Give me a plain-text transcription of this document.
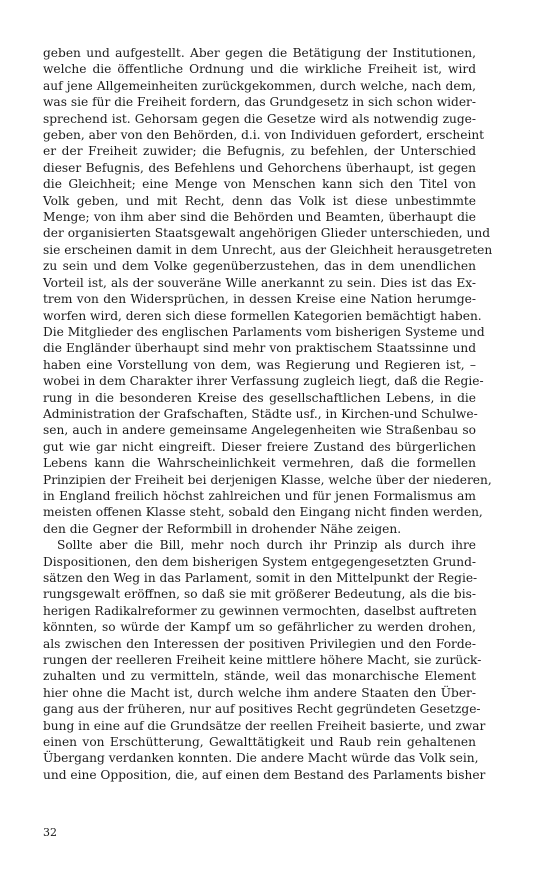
geben und aufgestellt. Aber gegen die Betätigung der Institutionen,
welche die öffentliche Ordnung und die wirkliche Freiheit ist, wird
auf jene Allgemeinheiten zurückgekommen, durch welche, nach dem,
was sie für die Freiheit fordern, das Grundgesetz in sich schon wider-
sprechend ist. Gehorsam gegen die Gesetze wird als notwendig zuge-
geben, aber von den Behörden, d.i. von Individuen gefordert, erscheint
er der Freiheit zuwider; die Befugnis, zu befehlen, der Unterschied
dieser Befugnis, des Befehlens und Gehorchens überhaupt, ist gegen
die Gleichheit; eine Menge von Menschen kann sich den Titel von
Volk geben, und mit Recht, denn das Volk ist diese unbestimmte
Menge; von ihm aber sind die Behörden und Beamten, überhaupt die
der organisierten Staatsgewalt angehörigen Glieder unterschieden, und
sie erscheinen damit in dem Unrecht, aus der Gleichheit herausgetreten
zu sein und dem Volke gegenüberzustehen, das in dem unendlichen
Vorteil ist, als der souveräne Wille anerkannt zu sein. Dies ist das Ex-
trem von den Widersprüchen, in dessen Kreise eine Nation herumge-
worfen wird, deren sich diese formellen Kategorien bemächtigt haben.
Die Mitglieder des englischen Parlaments vom bisherigen Systeme und
die Engländer überhaupt sind mehr von praktischem Staatssinne und
haben eine Vorstellung von dem, was Regierung und Regieren ist, –
wobei in dem Charakter ihrer Verfassung zugleich liegt, daß die Regie-
rung in die besonderen Kreise des gesellschaftlichen Lebens, in die
Administration der Grafschaften, Städte usf., in Kirchen-und Schulwe-
sen, auch in andere gemeinsame Angelegenheiten wie Straßenbau so
gut wie gar nicht eingreift. Dieser freiere Zustand des bürgerlichen
Lebens kann die Wahrscheinlichkeit vermehren, daß die formellen
Prinzipien der Freiheit bei derjenigen Klasse, welche über der niederen,
in England freilich höchst zahlreichen und für jenen Formalismus am
meisten offenen Klasse steht, sobald den Eingang nicht finden werden,
den die Gegner der Reformbill in drohender Nähe zeigen.
Sollte aber die Bill, mehr noch durch ihr Prinzip als durch ihre
Dispositionen, den dem bisherigen System entgegengesetzten Grund-
sätzen den Weg in das Parlament, somit in den Mittelpunkt der Regie-
rungsgewalt eröffnen, so daß sie mit größerer Bedeutung, als die bis-
herigen Radikalreformer zu gewinnen vermochten, daselbst auftreten
könnten, so würde der Kampf um so gefährlicher zu werden drohen,
als zwischen den Interessen der positiven Privilegien und den Forde-
rungen der reelleren Freiheit keine mittlere höhere Macht, sie zurück-
zuhalten und zu vermitteln, stände, weil das monarchische Element
hier ohne die Macht ist, durch welche ihm andere Staaten den Über-
gang aus der früheren, nur auf positives Recht gegründeten Gesetzge-
bung in eine auf die Grundsätze der reellen Freiheit basierte, und zwar
einen von Erschütterung, Gewalttätigkeit und Raub rein gehaltenen
Übergang verdanken konnten. Die andere Macht würde das Volk sein,
und eine Opposition, die, auf einen dem Bestand des Parlaments bisher
32
